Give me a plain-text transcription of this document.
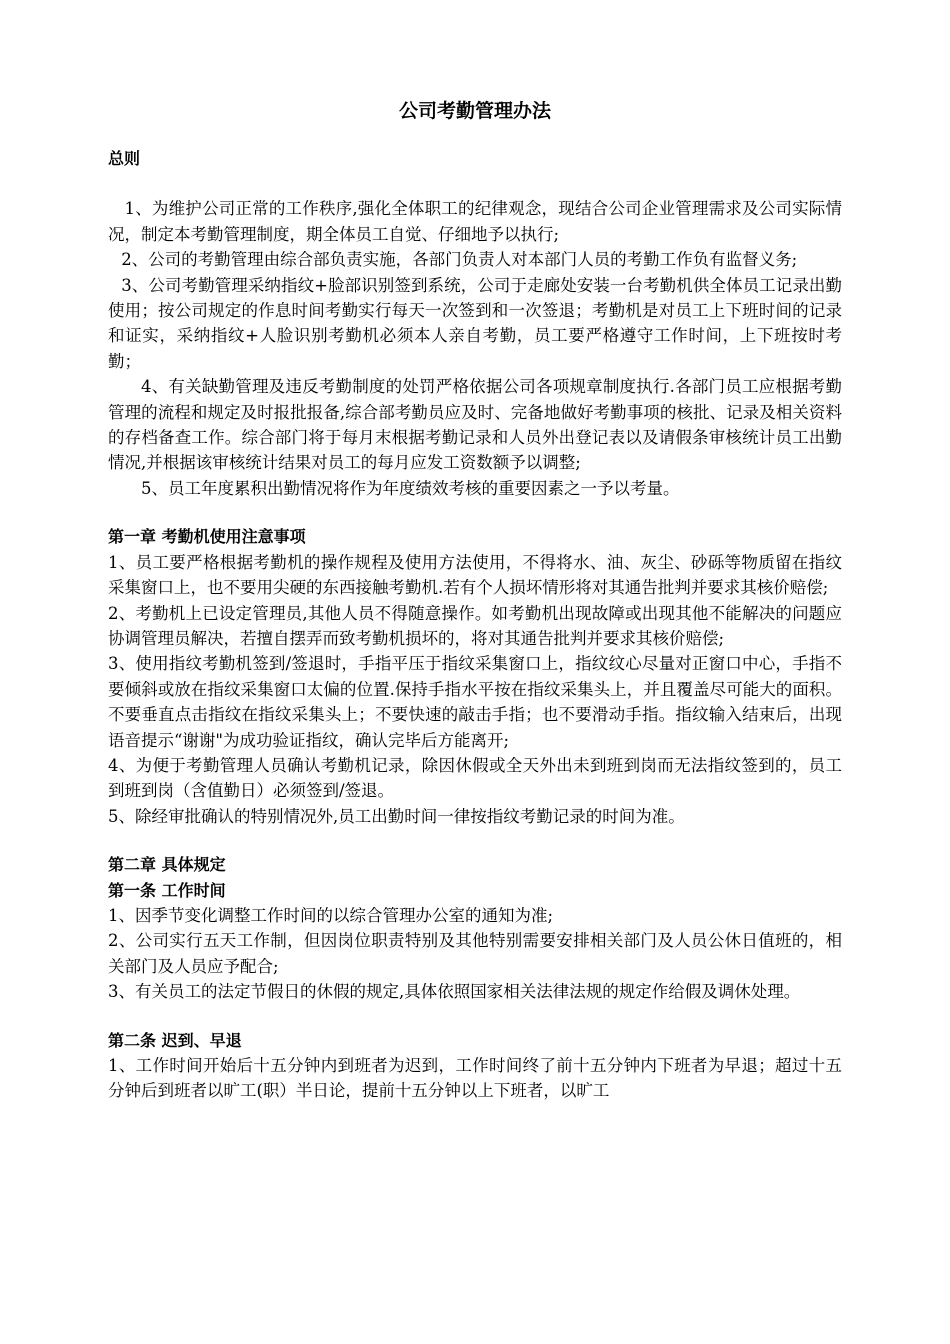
公司考勤管理办法
总则

1、为维护公司正常的工作秩序,强化全体职工的纪律观念，现结合公司企业管理需求及公司实际情况，制定本考勤管理制度，期全体员工自觉、仔细地予以执行;

2、公司的考勤管理由综合部负责实施，各部门负责人对本部门人员的考勤工作负有监督义务;

3、公司考勤管理采纳指纹+脸部识别签到系统，公司于走廊处安装一台考勤机供全体员工记录出勤使用；按公司规定的作息时间考勤实行每天一次签到和一次签退；考勤机是对员工上下班时间的记录和证实，采纳指纹+人脸识别考勤机必须本人亲自考勤，员工要严格遵守工作时间，上下班按时考勤；

4、有关缺勤管理及违反考勤制度的处罚严格依据公司各项规章制度执行.各部门员工应根据考勤管理的流程和规定及时报批报备,综合部考勤员应及时、完备地做好考勤事项的核批、记录及相关资料的存档备查工作。综合部门将于每月末根据考勤记录和人员外出登记表以及请假条审核统计员工出勤情况,并根据该审核统计结果对员工的每月应发工资数额予以调整;

5、员工年度累积出勤情况将作为年度绩效考核的重要因素之一予以考量。

第一章 考勤机使用注意事项

1、员工要严格根据考勤机的操作规程及使用方法使用，不得将水、油、灰尘、砂砾等物质留在指纹采集窗口上，也不要用尖硬的东西接触考勤机.若有个人损坏情形将对其通告批判并要求其核价赔偿;

2、考勤机上已设定管理员,其他人员不得随意操作。如考勤机出现故障或出现其他不能解决的问题应协调管理员解决，若擅自摆弄而致考勤机损坏的，将对其通告批判并要求其核价赔偿;

3、使用指纹考勤机签到/签退时，手指平压于指纹采集窗口上，指纹纹心尽量对正窗口中心，手指不要倾斜或放在指纹采集窗口太偏的位置.保持手指水平按在指纹采集头上，并且覆盖尽可能大的面积。不要垂直点击指纹在指纹采集头上；不要快速的敲击手指；也不要滑动手指。指纹输入结束后，出现语音提示“谢谢"为成功验证指纹，确认完毕后方能离开;

4、为便于考勤管理人员确认考勤机记录，除因休假或全天外出未到班到岗而无法指纹签到的，员工到班到岗（含值勤日）必须签到/签退。

5、除经审批确认的特别情况外,员工出勤时间一律按指纹考勤记录的时间为准。

第二章 具体规定
第一条 工作时间

1、因季节变化调整工作时间的以综合管理办公室的通知为准;

2、公司实行五天工作制，但因岗位职责特别及其他特别需要安排相关部门及人员公休日值班的，相关部门及人员应予配合;

3、有关员工的法定节假日的休假的规定,具体依照国家相关法律法规的规定作给假及调休处理。

第二条 迟到、早退

1、工作时间开始后十五分钟内到班者为迟到，工作时间终了前十五分钟内下班者为早退；超过十五分钟后到班者以旷工(职）半日论，提前十五分钟以上下班者，以旷工
